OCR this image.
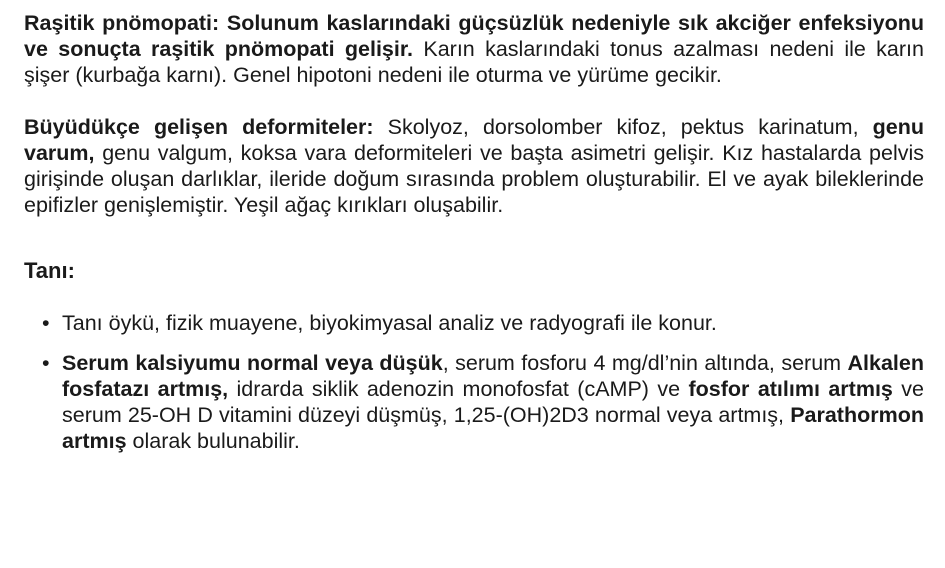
Raşitik pnömopati: Solunum kaslarındaki güçsüzlük nedeniyle sık akciğer enfeksiyonu ve sonuçta raşitik pnömopati gelişir. Karın kaslarındaki tonus azalması nedeni ile karın şişer (kurbağa karnı). Genel hipotoni nedeni ile oturma ve yürüme gecikir.

Büyüdükçe gelişen deformiteler: Skolyoz, dorsolomber kifoz, pektus karinatum, genu varum, genu valgum, koksa vara deformiteleri ve başta asimetri gelişir. Kız hastalarda pelvis girişinde oluşan darlıklar, ileride doğum sırasında problem oluşturabilir. El ve ayak bileklerinde epifizler genişlemiştir. Yeşil ağaç kırıkları oluşabilir.

Tanı:
• Tanı öykü, fizik muayene, biyokimyasal analiz ve radyografi ile konur.
• Serum kalsiyumu normal veya düşük, serum fosforu 4 mg/dl’nin altında, serum Alkalen fosfatazı artmış, idrarda siklik adenozin monofosfat (cAMP) ve fosfor atılımı artmış ve serum 25-OH D vitamini düzeyi düşmüş, 1,25-(OH)2D3 normal veya artmış, Parathormon artmış olarak bulunabilir.
